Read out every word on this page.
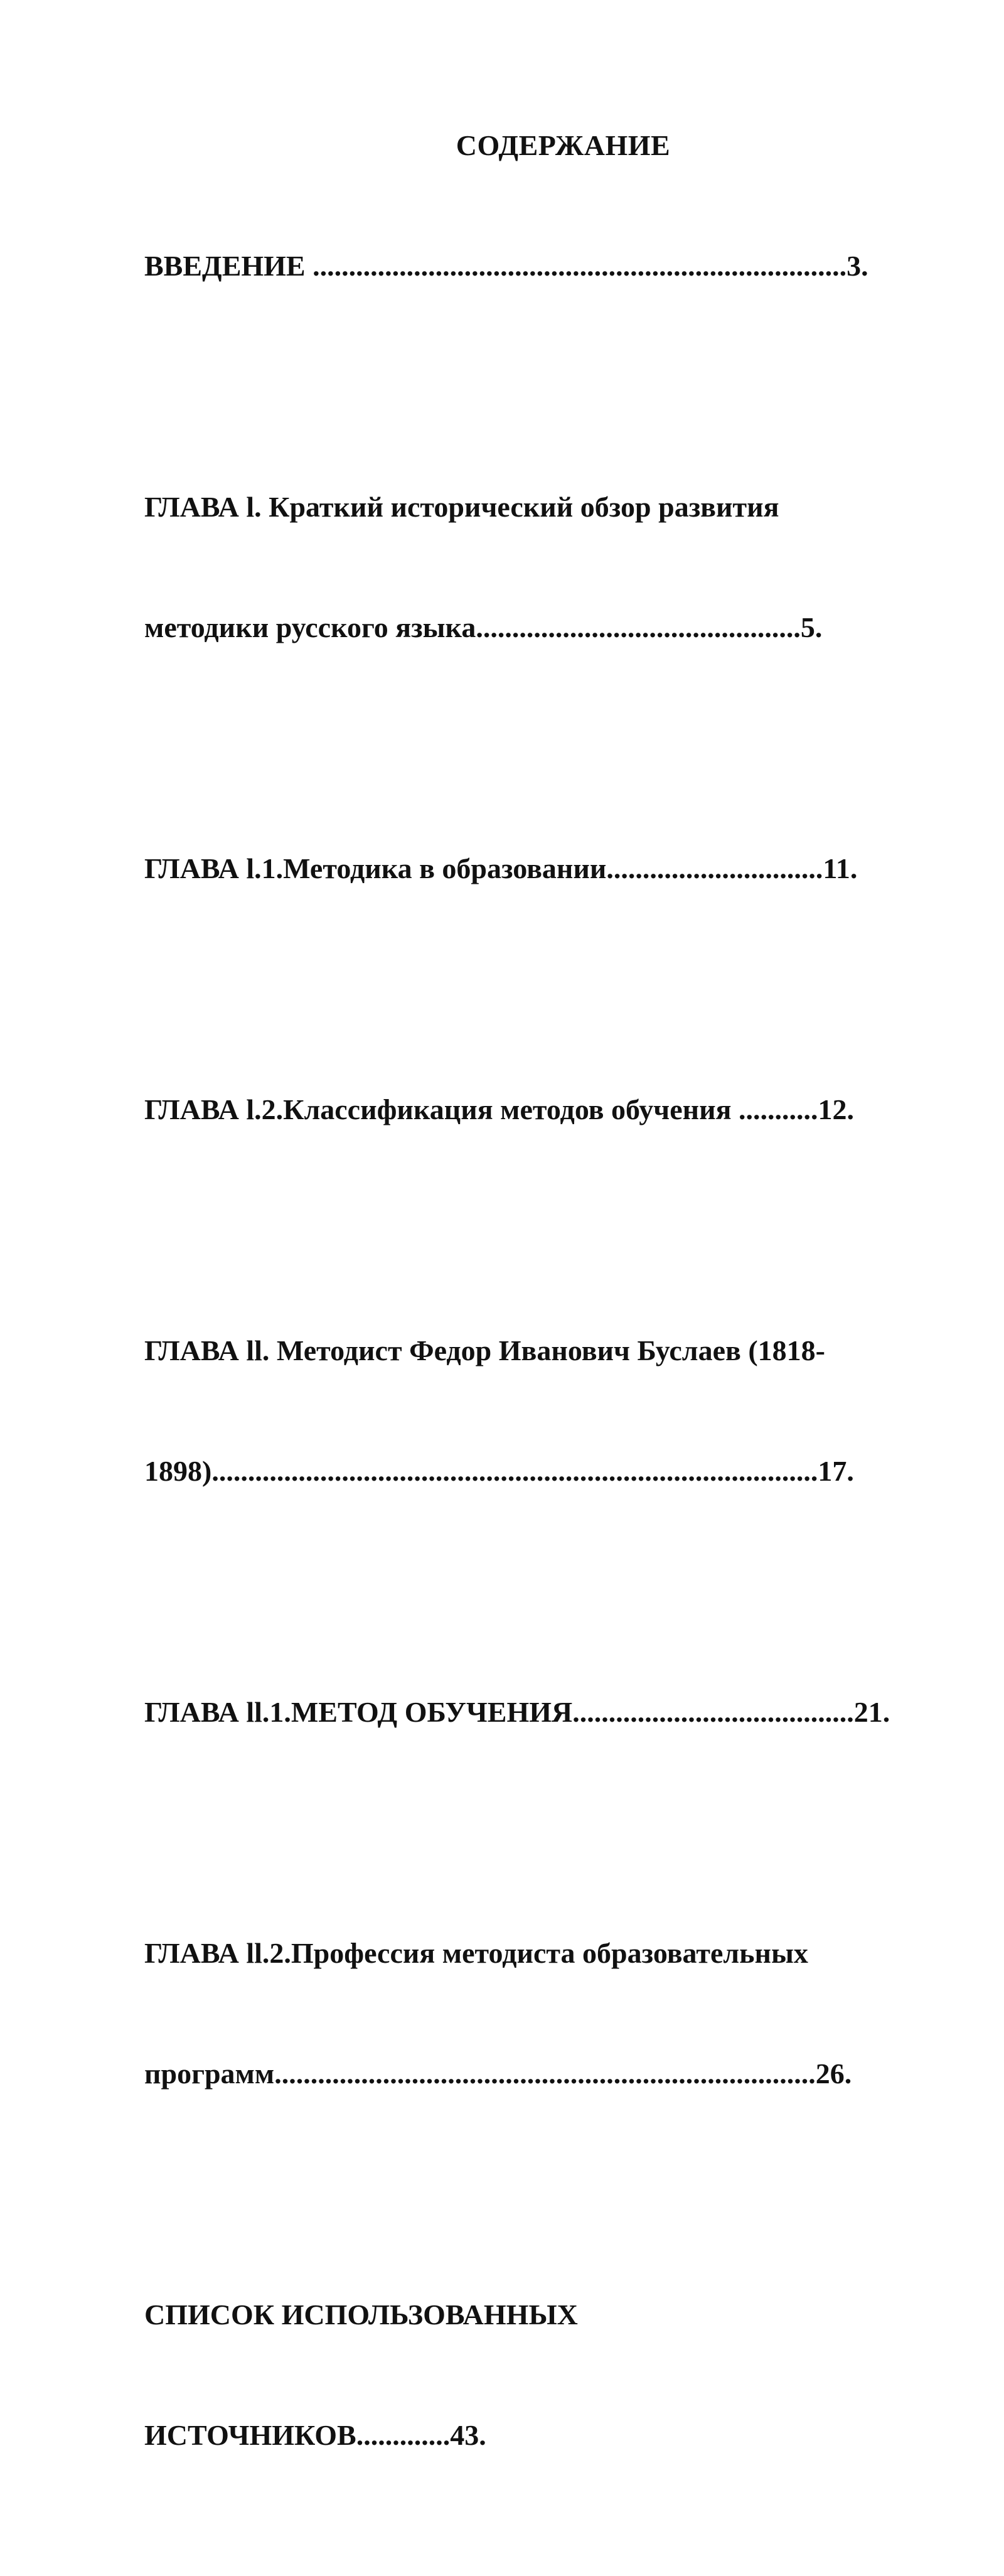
СОДЕРЖАНИЕ

ВВЕДЕНИЕ ..........................................................................3.

ГЛАВА l. Краткий исторический обзор развития

методики русского языка.............................................5.

ГЛАВА l.1.Методика в образовании..............................11.

ГЛАВА l.2.Классификация методов обучения ...........12.

ГЛАВА ll. Методист Федор Иванович Буслаев (1818-

1898)....................................................................................17.

ГЛАВА ll.1.МЕТОД ОБУЧЕНИЯ.......................................21.

ГЛАВА ll.2.Профессия методиста образовательных

программ...........................................................................26.

СПИСОК ИСПОЛЬЗОВАННЫХ

ИСТОЧНИКОВ.............43.
